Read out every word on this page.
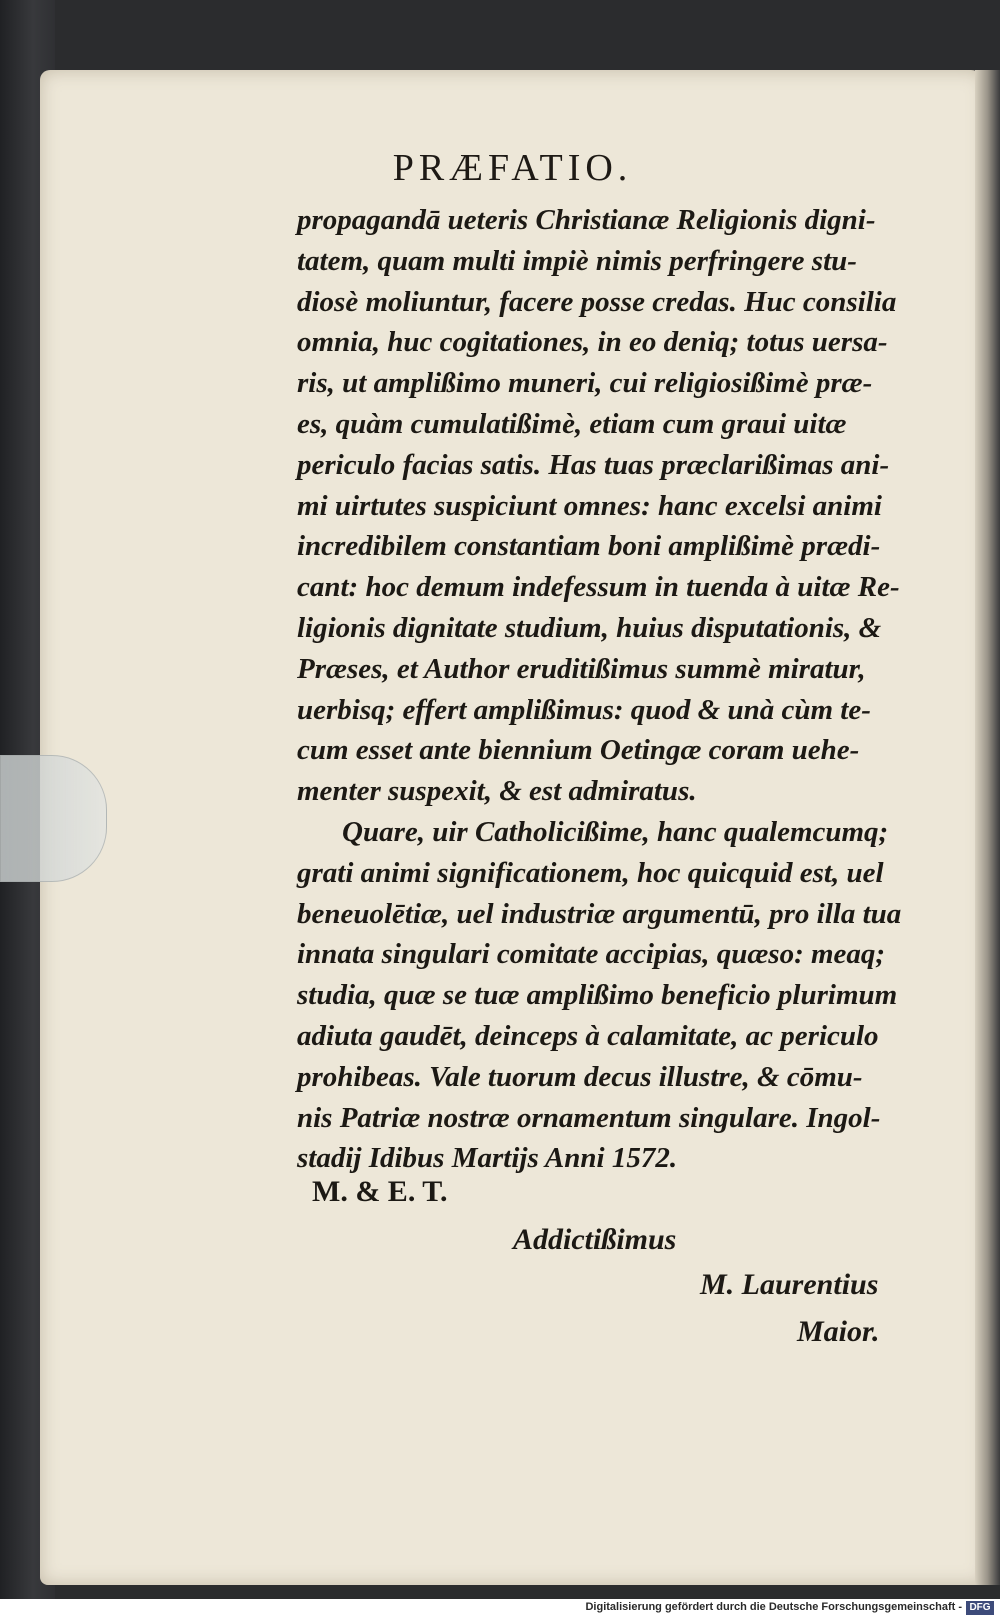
PRÆFATIO.
propagandā ueteris Christianæ Religionis digni-
tatem, quam multi impiè nimis perfringere stu-
diosè moliuntur, facere posse credas. Huc consilia
omnia, huc cogitationes, in eo deniq; totus uersa-
ris, ut amplißimo muneri, cui religiosißimè præ-
es, quàm cumulatißimè, etiam cum graui uitæ
periculo facias satis. Has tuas præclarißimas ani-
mi uirtutes suspiciunt omnes: hanc excelsi animi
incredibilem constantiam boni amplißimè prædi-
cant: hoc demum indefessum in tuenda à uitæ Re-
ligionis dignitate studium, huius disputationis, &
Præses, et Author eruditißimus summè miratur,
uerbisq; effert amplißimus: quod & unà cùm te-
cum esset ante biennium Oetingæ coram uehe-
menter suspexit, & est admiratus.
Quare, uir Catholicißime, hanc qualemcumq;
grati animi significationem, hoc quicquid est, uel
beneuolētiæ, uel industriæ argumentū, pro illa tua
innata singulari comitate accipias, quæso: meaq;
studia, quæ se tuæ amplißimo beneficio plurimum
adiuta gaudēt, deinceps à calamitate, ac periculo
prohibeas. Vale tuorum decus illustre, & cōmu-
nis Patriæ nostræ ornamentum singulare. Ingol-
stadij Idibus Martijs Anni 1572.
M. & E. T.
Addictißimus
M. Laurentius
Maior.
Digitalisierung gefördert durch die Deutsche Forschungsgemeinschaft - DFG
